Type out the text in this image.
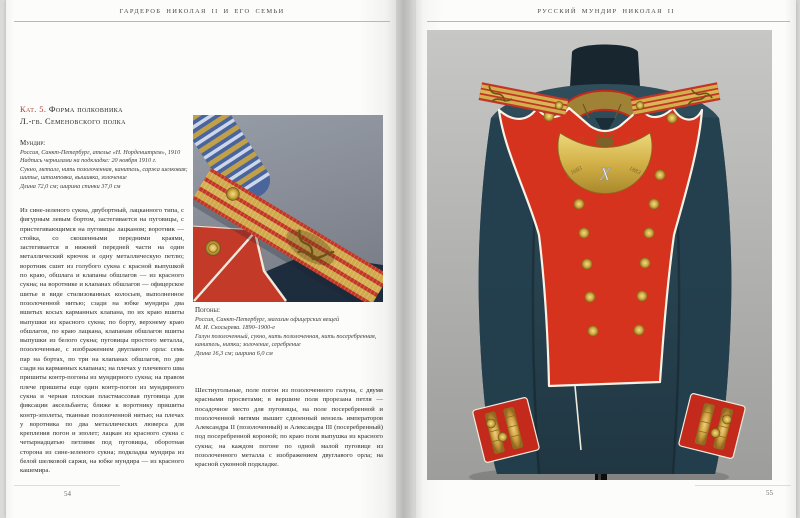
ГАРДЕРОБ НИКОЛАЯ II И ЕГО СЕМЬИ
Кат. 5. Форма полковника
Л.-гв. Семеновского полка
Мундир:
Россия, Санкт-Петербург, ателье «Н. Норденштрем», 1910
Надпись чернилами на подкладке: 20 ноября 1910 г.
Сукно, металл, нить позолоченная, канитель, саржа шелковая;
шитье, штамповка, вышивка, золочение
Длина 72,0 см; ширина спинки 37,0 см

Из сине-зеленого сукна, двубортный, лацканного типа, с фигурным левым бортом, застегивается на пуговицы, с пристегивающимся на пуговицы лацканом; воротник — стойка, со скошенными передними краями, застегивается в нижней передней части на один металлический крючок и одну металлическую петлю; воротник сшит из голубого сукна с красной выпушкой по краю, обшлага и клапаны обшлагов — из красного сукна; на воротнике и клапанах обшлагов — офицерское шитье в виде стилизованных колосьев, выполненное позолоченной нитью; сзади на юбке мундира два вшитых косых карманных клапана, по их краю вшиты выпушки из красного сукна; по борту, верхнему краю обшлагов, по краю лацкана, клапанам обшлагов вшиты выпушки из белого сукна; пуговицы простого металла, позолоченные, с изображением двуглавого орла: семь пар на бортах, по три на клапанах обшлагов, по две сзади на карманных клапанах; на плечах у плечевого шва пришиты контр-погоны из мундирного сукна; на правом плече пришиты еще один контр-погон из мундирного сукна и черная плоская пластмассовая пуговица для фиксации аксельбанта; ближе к воротнику пришиты контр-эполеты, тканные позолоченной нитью; на плечах у воротника по два металлических люверса для крепления погон и эполет; лацкан из красного сукна с четырнадцатью петлями под пуговицы, оборотная сторона из сине-зеленого сукна; подкладка мундира из белой шелковой саржи, на юбке мундира — из красного кашемира.

Погоны:
Россия, Санкт-Петербург, магазин офицерских вещей
М. И. Скосырева. 1890–1900-е
Галун позолоченный, сукно, нить позолоченная, нить посеребренная, канитель, нитки; золочение, серебрение
Длина 16,3 см; ширина 6,0 см

Шестиугольные, поле погон из позолоченного галуна, с двумя красными просветами; в вершине поля прорезана петля — посадочное место для пуговицы, на поле посеребренной и позолоченной нитями вышит сдвоенный вензель императоров Александра II (позолоченный) и Александра III (посеребренный) под посеребренной короной; по краю поля выпушка из красного сукна; на каждом погоне по одной малой пуговице из позолоченного металла с изображением двуглавого орла; на красной суконной подкладке.

54
РУССКИЙ МУНДИР НИКОЛАЯ II
18	50
1683	1883
X
55
